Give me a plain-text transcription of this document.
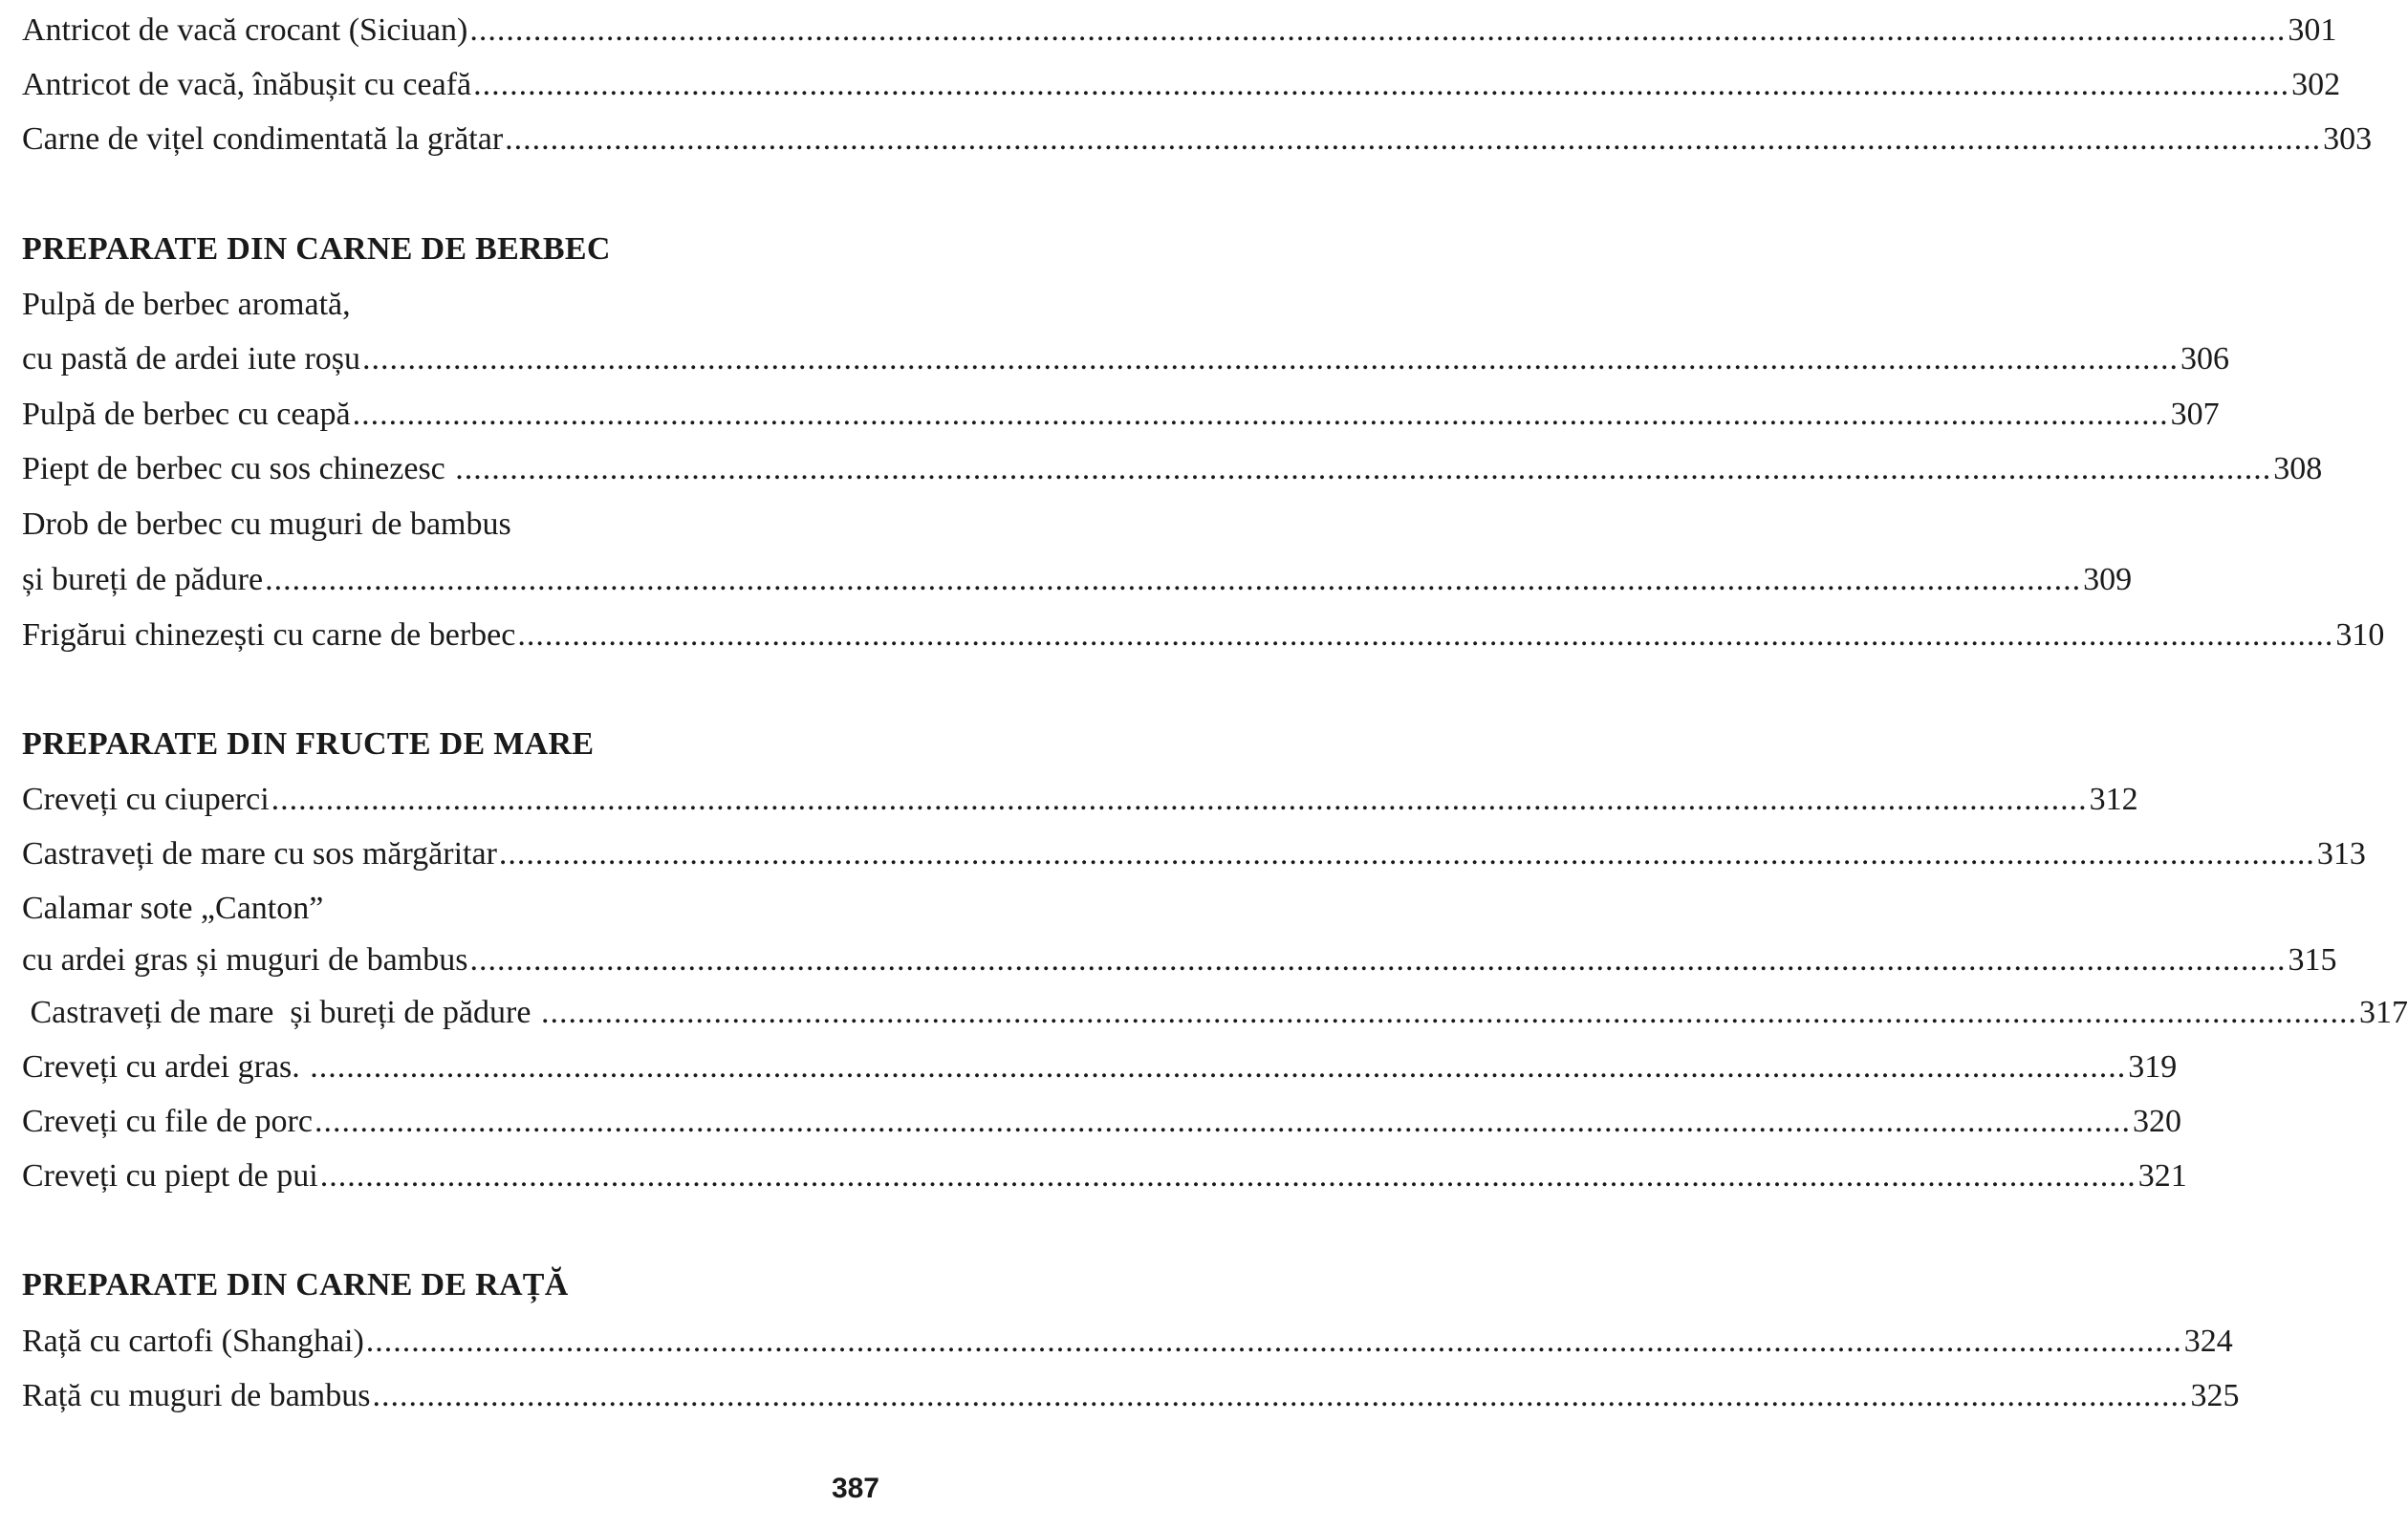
Antricot de vacă crocant (Siciuan) ........................................................................................................................................................................................................ 301
Antricot de vacă, înăbușit cu ceafă ........................................................................................................................................................................................................ 302
Carne de vițel condimentată la grătar ........................................................................................................................................................................................................ 303
PREPARATE DIN CARNE DE BERBEC
Pulpă de berbec aromată,
cu pastă de ardei iute roșu ........................................................................................................................................................................................................ 306
Pulpă de berbec cu ceapă ........................................................................................................................................................................................................ 307
Piept de berbec cu sos chinezesc ........................................................................................................................................................................................................ 308
Drob de berbec cu muguri de bambus
și bureți de pădure ........................................................................................................................................................................................................ 309
Frigărui chinezești cu carne de berbec ........................................................................................................................................................................................................ 310
PREPARATE DIN FRUCTE DE MARE
Creveți cu ciuperci ........................................................................................................................................................................................................ 312
Castraveți de mare cu sos mărgăritar ........................................................................................................................................................................................................ 313
Calamar sote „Canton”
cu ardei gras și muguri de bambus ........................................................................................................................................................................................................ 315
Castraveți de mare  și bureți de pădure ........................................................................................................................................................................................................ 317
Creveți cu ardei gras. ........................................................................................................................................................................................................ 319
Creveți cu file de porc ........................................................................................................................................................................................................ 320
Creveți cu piept de pui ........................................................................................................................................................................................................ 321
PREPARATE DIN CARNE DE RAȚĂ
Rață cu cartofi (Shanghai) ........................................................................................................................................................................................................ 324
Rață cu muguri de bambus ........................................................................................................................................................................................................ 325
387
